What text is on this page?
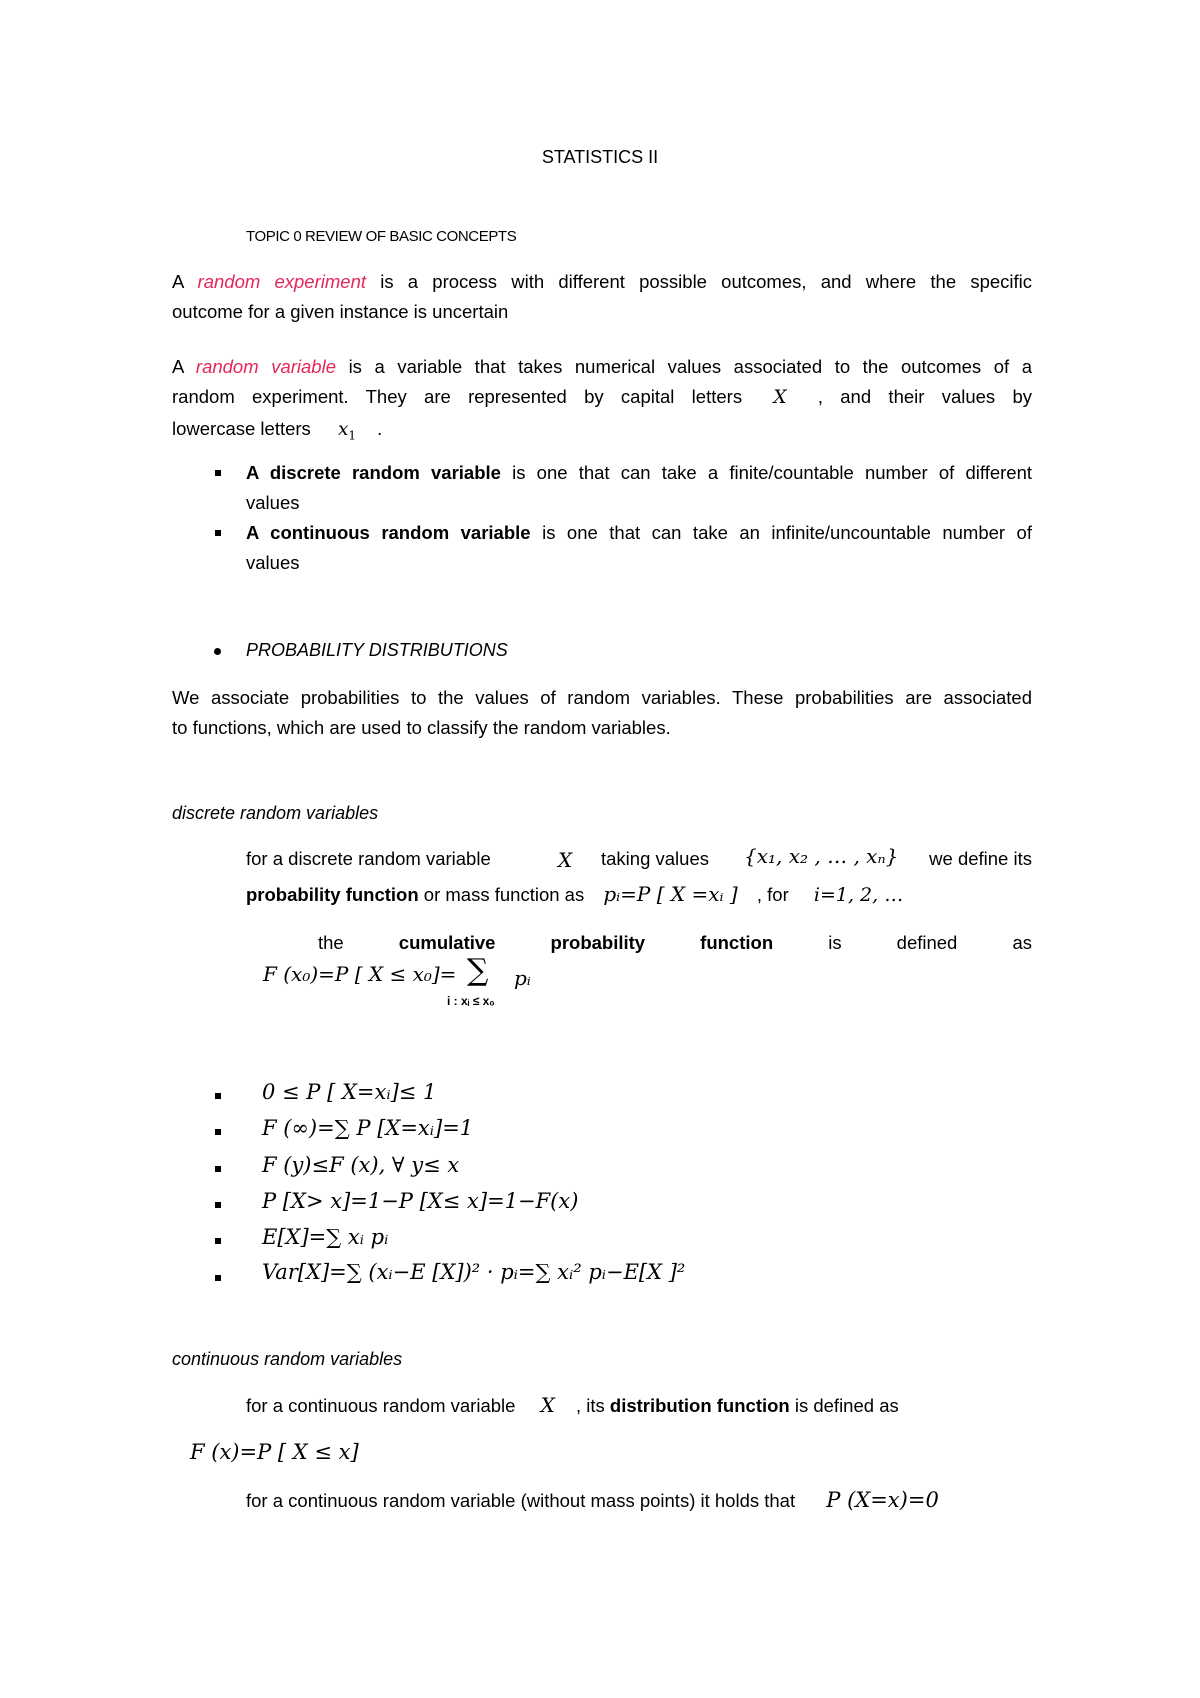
STATISTICS II
TOPIC 0 REVIEW OF BASIC CONCEPTS
A random experiment is a process with different possible outcomes, and where the specific
outcome for a given instance is uncertain
A random variable is a variable that takes numerical values associated to the outcomes of a
random experiment. They are represented by capital letters X , and their values by
lowercase letters $x_1$ .
A discrete random variable is one that can take a finite/countable number of different
values
A continuous random variable is one that can take an infinite/uncountable number of
values
PROBABILITY DISTRIBUTIONS
We associate probabilities to the values of random variables. These probabilities are associated
to functions, which are used to classify the random variables.
discrete random variables
for a discrete random variable	X taking values {x₁, x₂ , … , xₙ} we define its
probability function or mass function as pᵢ=P [ X =xᵢ ] , for i=1, 2, …
the	cumulative	probability	function	is	defined	as
F (x₀)=P [ X ≤ x₀]= ∑ pᵢ
i : xᵢ ≤ x₀
0 ≤ P [ X=xᵢ]≤ 1
F (∞)=∑ P [X=xᵢ]=1
F (y)≤F (x), ∀ y≤ x
P [X> x]=1−P [X≤ x]=1−F(x)
E[X]=∑ xᵢ pᵢ
Var[X]=∑ (xᵢ−E [X])² · pᵢ=∑ xᵢ² pᵢ−E[X ]²
continuous random variables
for a continuous random variable X , its distribution function is defined as
F (x)=P [ X ≤ x]
for a continuous random variable (without mass points) it holds that P (X=x)=0
